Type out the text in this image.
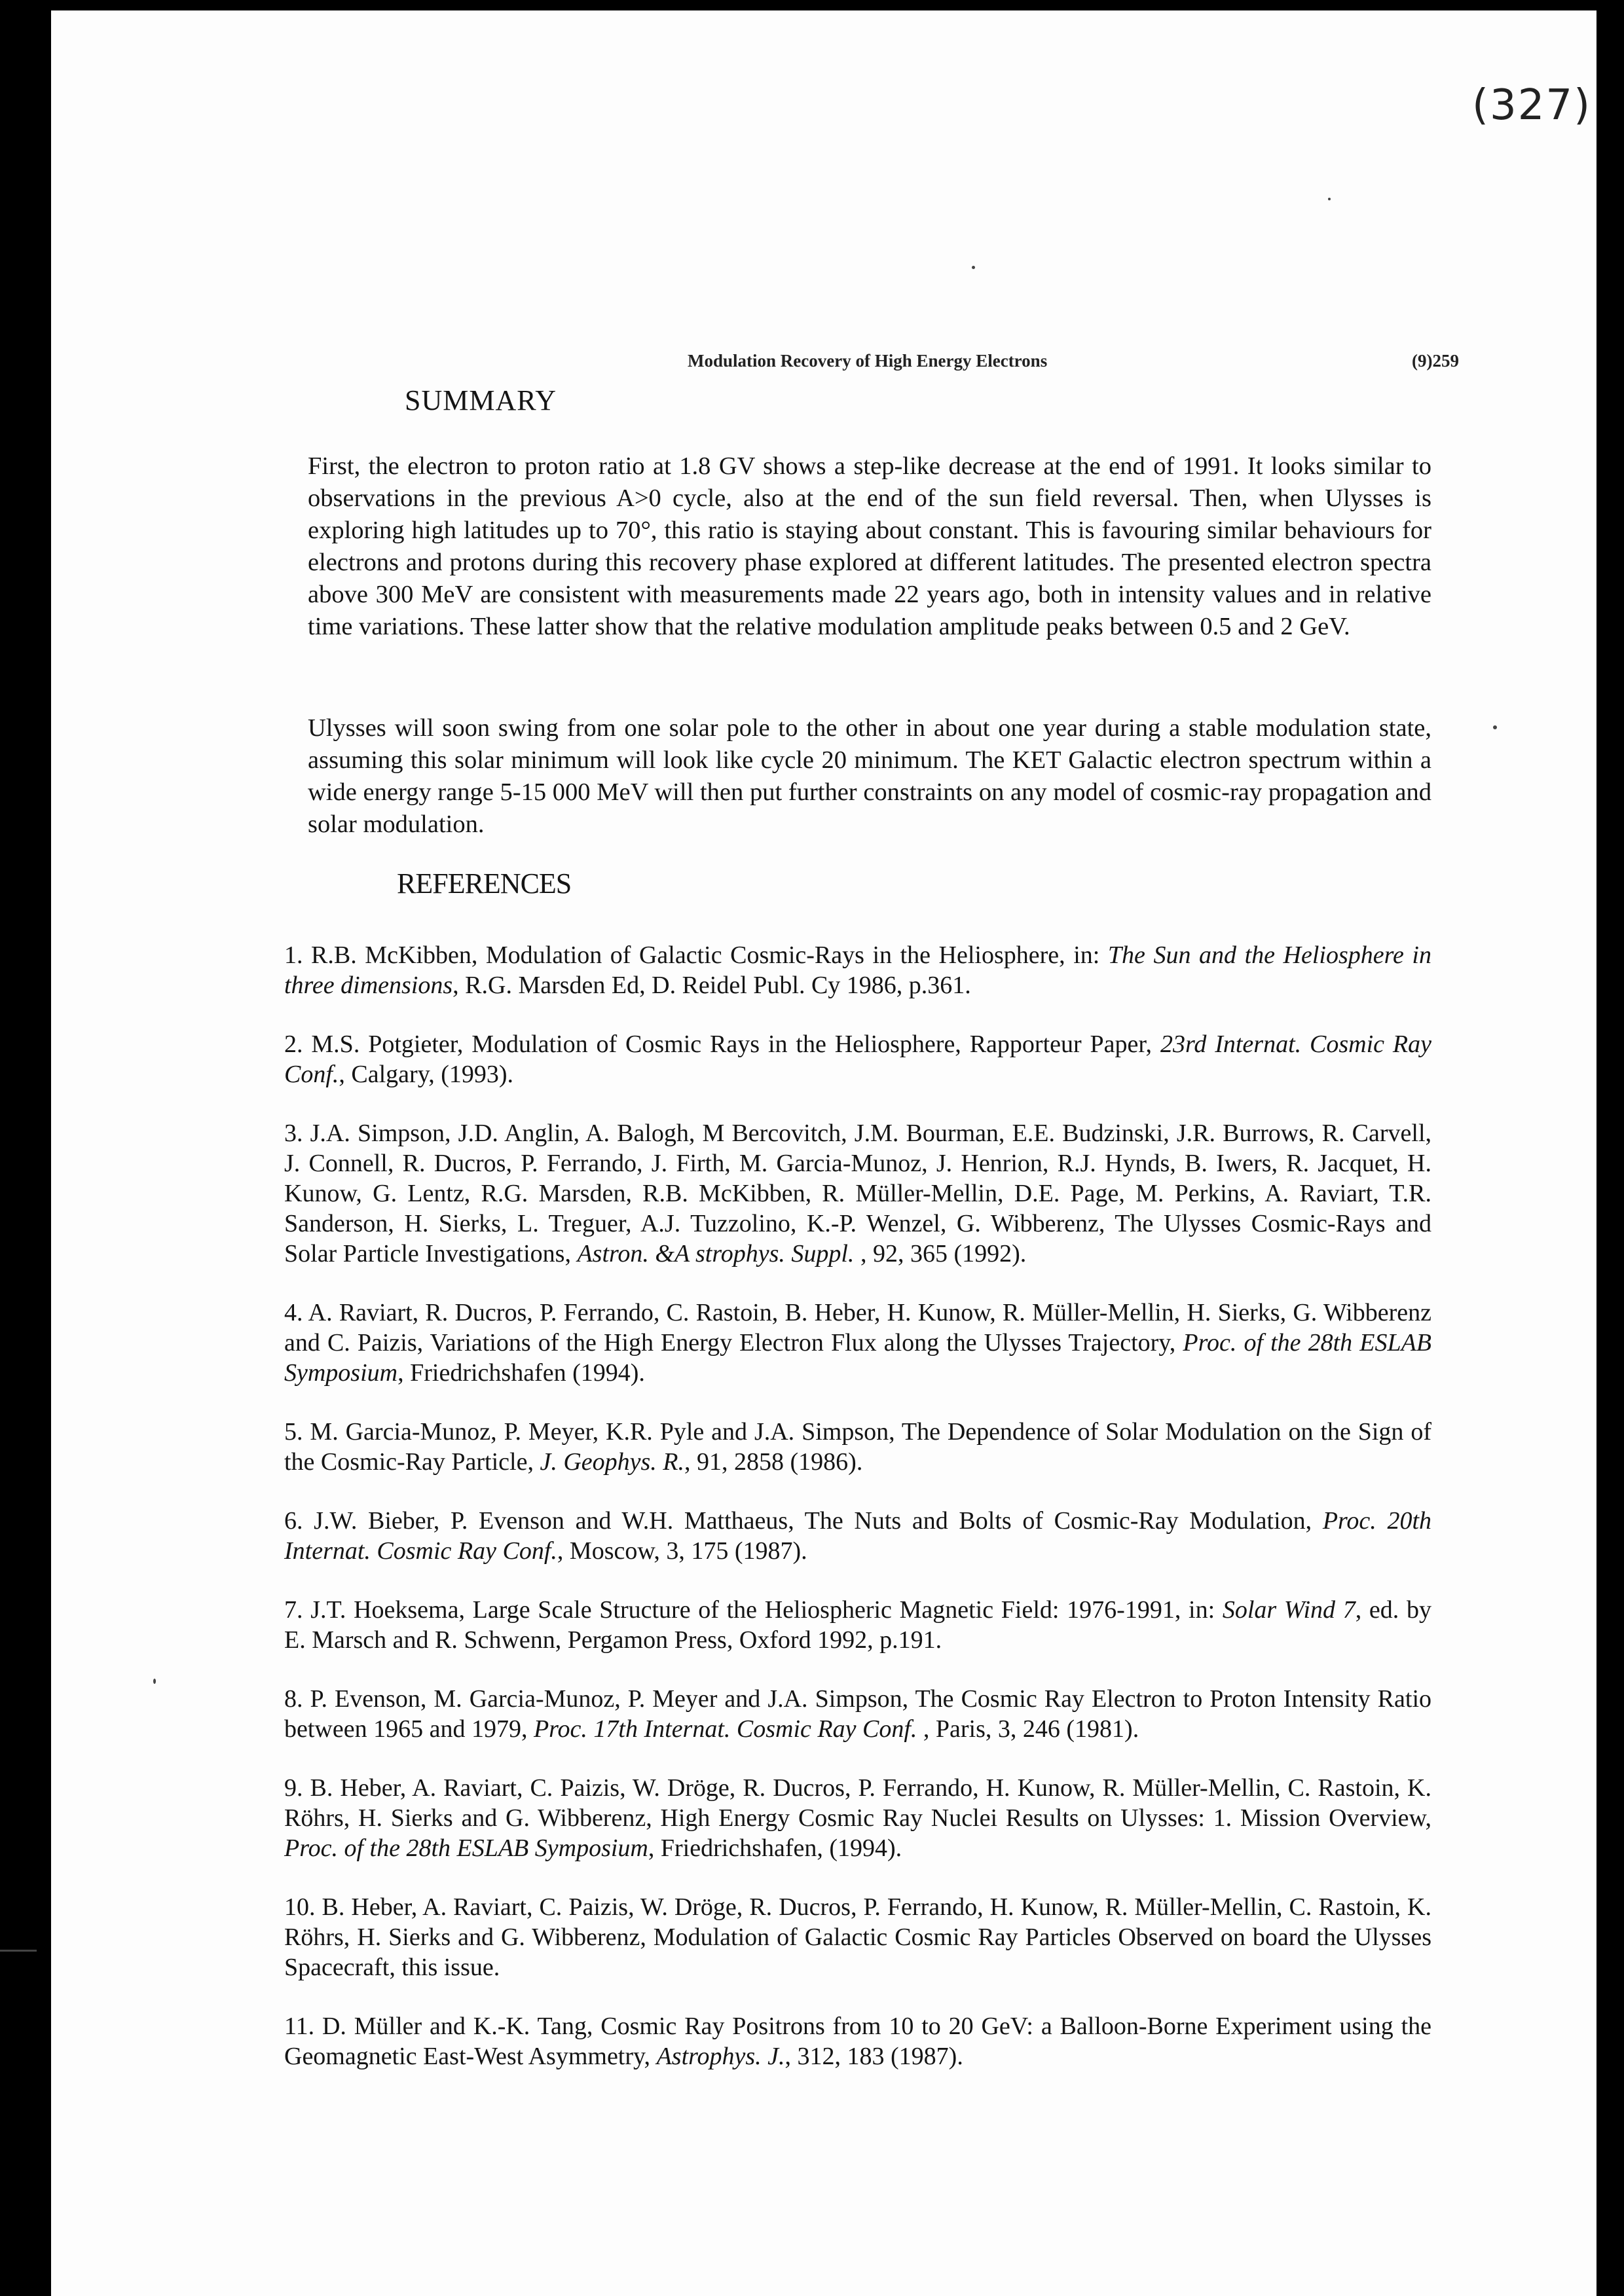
(327)
Modulation Recovery of High Energy Electrons	(9)259
SUMMARY

First, the electron to proton ratio at 1.8 GV shows a step-like decrease at the end of 1991. It looks similar to observations in the previous A>0 cycle, also at the end of the sun field reversal. Then, when Ulysses is exploring high latitudes up to 70°, this ratio is staying about constant. This is favouring similar behaviours for electrons and protons during this recovery phase explored at different latitudes. The presented electron spectra above 300 MeV are consistent with measurements made 22 years ago, both in intensity values and in relative time variations. These latter show that the relative modulation amplitude peaks between 0.5 and 2 GeV.

Ulysses will soon swing from one solar pole to the other in about one year during a stable modulation state, assuming this solar minimum will look like cycle 20 minimum. The KET Galactic electron spectrum within a wide energy range 5-15 000 MeV will then put further constraints on any model of cosmic-ray propagation and solar modulation.

REFERENCES
1. R.B. McKibben, Modulation of Galactic Cosmic-Rays in the Heliosphere, in: The Sun and the Heliosphere in three dimensions, R.G. Marsden Ed, D. Reidel Publ. Cy 1986, p.361.
2. M.S. Potgieter, Modulation of Cosmic Rays in the Heliosphere, Rapporteur Paper, 23rd Internat. Cosmic Ray Conf., Calgary, (1993).
3. J.A. Simpson, J.D. Anglin, A. Balogh, M Bercovitch, J.M. Bourman, E.E. Budzinski, J.R. Burrows, R. Carvell, J. Connell, R. Ducros, P. Ferrando, J. Firth, M. Garcia-Munoz, J. Henrion, R.J. Hynds, B. Iwers, R. Jacquet, H. Kunow, G. Lentz, R.G. Marsden, R.B. McKibben, R. Müller-Mellin, D.E. Page, M. Perkins, A. Raviart, T.R. Sanderson, H. Sierks, L. Treguer, A.J. Tuzzolino, K.-P. Wenzel, G. Wibberenz, The Ulysses Cosmic-Rays and Solar Particle Investigations, Astron. &A strophys. Suppl. , 92, 365 (1992).
4. A. Raviart, R. Ducros, P. Ferrando, C. Rastoin, B. Heber, H. Kunow, R. Müller-Mellin, H. Sierks, G. Wibberenz and C. Paizis, Variations of the High Energy Electron Flux along the Ulysses Trajectory, Proc. of the 28th ESLAB Symposium, Friedrichshafen (1994).
5. M. Garcia-Munoz, P. Meyer, K.R. Pyle and J.A. Simpson, The Dependence of Solar Modulation on the Sign of the Cosmic-Ray Particle, J. Geophys. R., 91, 2858 (1986).
6. J.W. Bieber, P. Evenson and W.H. Matthaeus, The Nuts and Bolts of Cosmic-Ray Modulation, Proc. 20th Internat. Cosmic Ray Conf., Moscow, 3, 175 (1987).
7. J.T. Hoeksema, Large Scale Structure of the Heliospheric Magnetic Field: 1976-1991, in: Solar Wind 7, ed. by E. Marsch and R. Schwenn, Pergamon Press, Oxford 1992, p.191.
8. P. Evenson, M. Garcia-Munoz, P. Meyer and J.A. Simpson, The Cosmic Ray Electron to Proton Intensity Ratio between 1965 and 1979, Proc. 17th Internat. Cosmic Ray Conf. , Paris, 3, 246 (1981).
9. B. Heber, A. Raviart, C. Paizis, W. Dröge, R. Ducros, P. Ferrando, H. Kunow, R. Müller-Mellin, C. Rastoin, K. Röhrs, H. Sierks and G. Wibberenz, High Energy Cosmic Ray Nuclei Results on Ulysses: 1. Mission Overview, Proc. of the 28th ESLAB Symposium, Friedrichshafen, (1994).
10. B. Heber, A. Raviart, C. Paizis, W. Dröge, R. Ducros, P. Ferrando, H. Kunow, R. Müller-Mellin, C. Rastoin, K. Röhrs, H. Sierks and G. Wibberenz, Modulation of Galactic Cosmic Ray Particles Observed on board the Ulysses Spacecraft, this issue.
11. D. Müller and K.-K. Tang, Cosmic Ray Positrons from 10 to 20 GeV: a Balloon-Borne Experiment using the Geomagnetic East-West Asymmetry, Astrophys. J., 312, 183 (1987).
